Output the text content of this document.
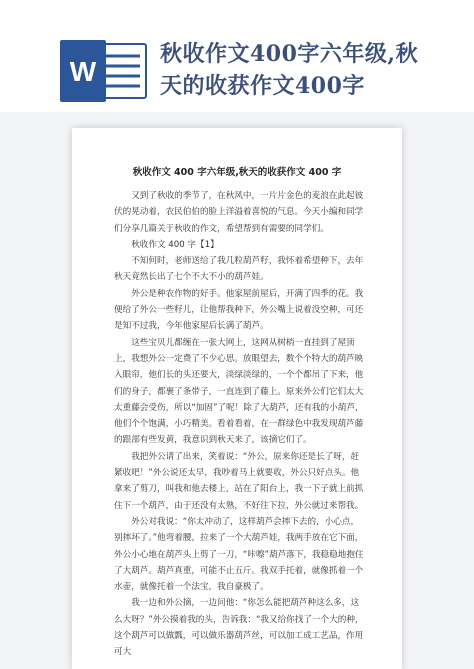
W
秋收作文400字六年级,秋
天的收获作文400字
秋收作文 400 字六年级,秋天的收获作文 400 字

又到了秋收的季节了，在秋风中，一片片金色的麦浪在此起彼伏的晃动着，农民伯伯的脸上洋溢着喜悦的气息。今天小编和同学们分享几篇关于秋收的作文，希望帮到有需要的同学们。

秋收作文 400 字【1】

不知何时，老师送给了我几粒葫芦籽，我怀着希望种下，去年秋天竟然长出了七个不大不小的葫芦娃。

外公是种农作物的好手。他家屋前屋后，开满了四季的花。我便给了外公一些籽儿，让他帮我种下，外公嘴上说着没空种，可还是知不过我，今年他家屋后长满了葫芦。

这些宝贝儿都缠在一张大网上，这网从树梢一直挂到了屋顶上，我想外公一定费了不少心思。放眼望去，数个个特大的葫芦映入眼帘，他们长的头还要大，淡绿淡绿的，一个个都吊了下来，他们的身子，都裹了条带子，一直连到了藤上。原来外公们它们太大太重藤会受伤，所以“加固”了呢！除了大葫芦，还有我的小葫芦，他们个个饱满，小巧精美。看着看着，在一群绿色中我发现葫芦藤的跟部有些发黄，我意识到秋天来了，该摘它们了。

我把外公请了出来，笑着说：“外公，原来你还是长了呀，赶紧收吧！”外公说还太早，我吵着马上就要收，外公只好点头。他拿来了剪刀，叫我和他去楼上，站在了阳台上，我一下子就上前抓住下一个葫芦，由于还没有太熟，不好往下拉，外公就过来帮我。

外公对我说：“你太冲动了，这样葫芦会摔下去的，小心点，别摔坏了。”他弯着腰，拉来了一个大葫芦娃，我两手放在它下面，外公小心地在葫芦头上剪了一刀，“咔嚓”葫芦落下，我稳稳地抱住了大葫芦。葫芦真重，可能不止五斤。我双手托着，就像抓着一个水壶，就像托着一个法宝，我自豪极了。

我一边和外公摘，一边问他：“你怎么能把葫芦种这么多，这么大呀？”外公摸着我的头，告诉我：“我又给你找了一个大的种，这个葫芦可以做瓢，可以做乐器葫芦丝，可以加工成工艺品，作用可大
